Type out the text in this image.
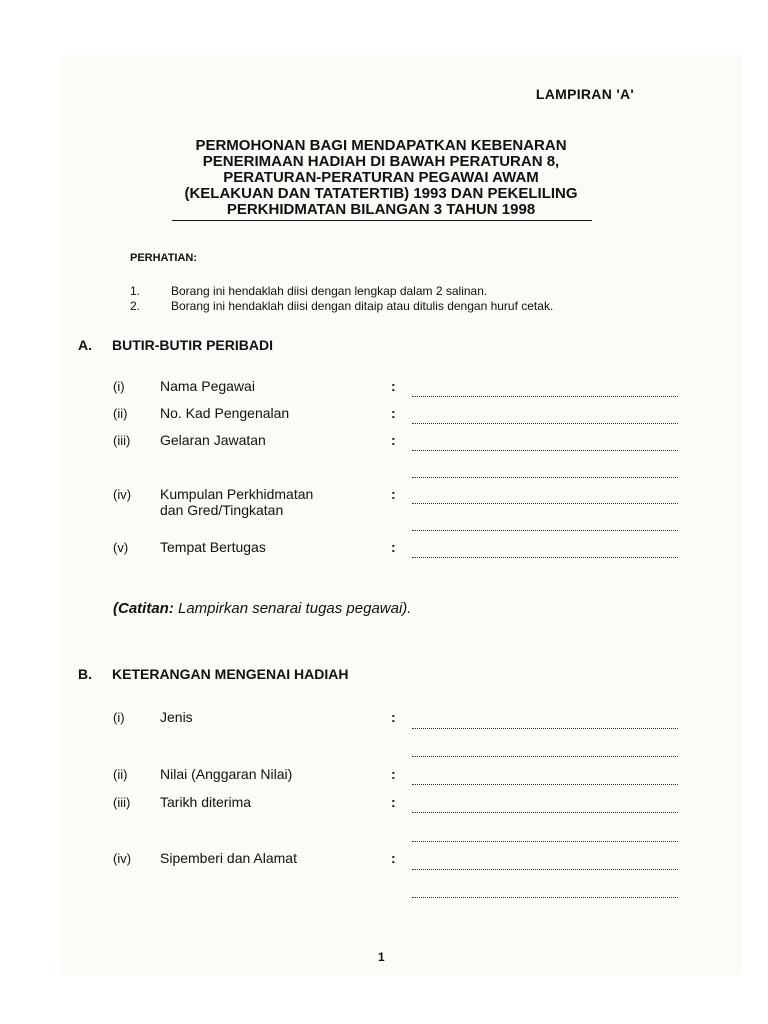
LAMPIRAN 'A'
PERMOHONAN BAGI MENDAPATKAN KEBENARAN
PENERIMAAN HADIAH DI BAWAH PERATURAN 8,
PERATURAN-PERATURAN PEGAWAI AWAM
(KELAKUAN DAN TATATERTIB) 1993 DAN PEKELILING
PERKHIDMATAN BILANGAN 3 TAHUN 1998
PERHATIAN:
1.	Borang ini hendaklah diisi dengan lengkap dalam 2 salinan.
2.	Borang ini hendaklah diisi dengan ditaip atau ditulis dengan huruf cetak.
A. BUTIR-BUTIR PERIBADI
(i)	Nama Pegawai	:
(ii) No. Kad Pengenalan	:
(iii) Gelaran Jawatan	:
(iv) Kumpulan Perkhidmatan
dan Gred/Tingkatan
:
(v) Tempat Bertugas	:
(Catitan: Lampirkan senarai tugas pegawai).
B. KETERANGAN MENGENAI HADIAH
(i)	Jenis	:
(ii) Nilai (Anggaran Nilai)	:
(iii) Tarikh diterima	:
(iv) Sipemberi dan Alamat	:
1
